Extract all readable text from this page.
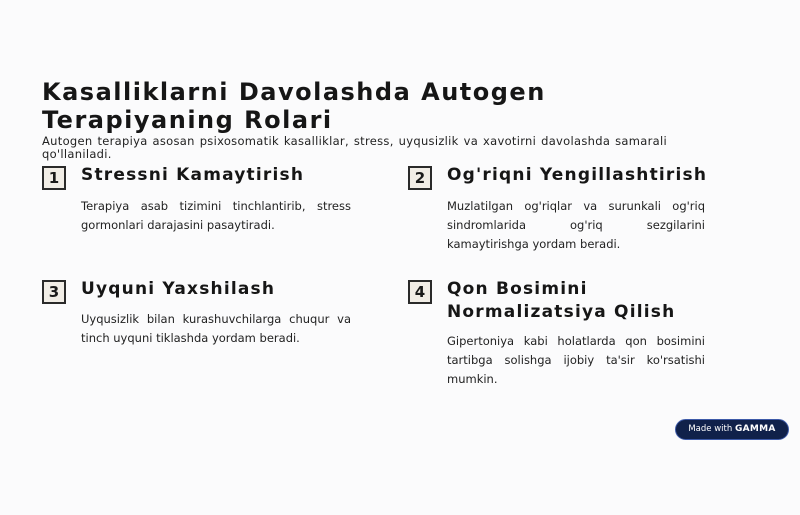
Kasalliklarni Davolashda Autogen Terapiyaning Rolari

Autogen terapiya asosan psixosomatik kasalliklar, stress, uyqusizlik va xavotirni davolashda samarali qo'llaniladi.

1	Stressni Kamaytirish

Terapiya asab tizimini tinchlantirib, stress gormonlari darajasini pasaytiradi.

2	Og'riqni Yengillashtirish

Muzlatilgan og'riqlar va surunkali og'riq sindromlarida og'riq sezgilarini kamaytirishga yordam beradi.

3	Uyquni Yaxshilash

Uyqusizlik bilan kurashuvchilarga chuqur va tinch uyquni tiklashda yordam beradi.

4	Qon Bosimini Normalizatsiya Qilish

Gipertoniya kabi holatlarda qon bosimini tartibga solishga ijobiy ta'sir ko'rsatishi mumkin.

Made with GAMMA
